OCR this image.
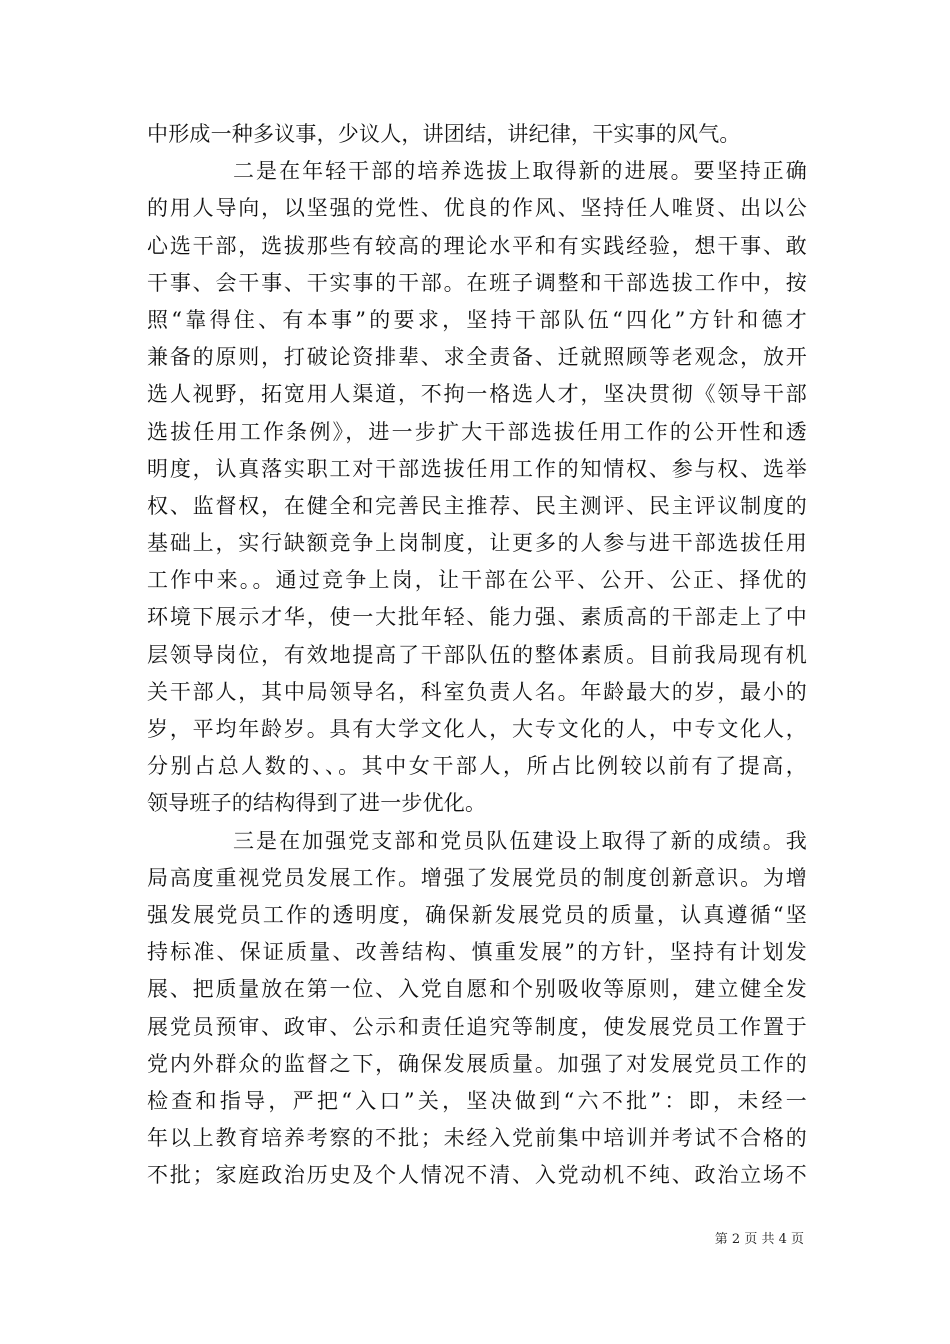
中形成一种多议事，少议人，讲团结，讲纪律，干实事的风气。
二是在年轻干部的培养选拔上取得新的进展。要坚持正确
的用人导向，以坚强的党性、优良的作风、坚持任人唯贤、出以公
心选干部，选拔那些有较高的理论水平和有实践经验，想干事、敢
干事、会干事、干实事的干部。在班子调整和干部选拔工作中，按
照“靠得住、有本事”的要求，坚持干部队伍“四化”方针和德才
兼备的原则，打破论资排辈、求全责备、迁就照顾等老观念，放开
选人视野，拓宽用人渠道，不拘一格选人才，坚决贯彻《领导干部
选拔任用工作条例》，进一步扩大干部选拔任用工作的公开性和透
明度，认真落实职工对干部选拔任用工作的知情权、参与权、选举
权、监督权，在健全和完善民主推荐、民主测评、民主评议制度的
基础上，实行缺额竞争上岗制度，让更多的人参与进干部选拔任用
工作中来。。通过竞争上岗，让干部在公平、公开、公正、择优的
环境下展示才华，使一大批年轻、能力强、素质高的干部走上了中
层领导岗位，有效地提高了干部队伍的整体素质。目前我局现有机
关干部人，其中局领导名，科室负责人名。年龄最大的岁，最小的
岁，平均年龄岁。具有大学文化人，大专文化的人，中专文化人，
分别占总人数的、、。其中女干部人，所占比例较以前有了提高，
领导班子的结构得到了进一步优化。
三是在加强党支部和党员队伍建设上取得了新的成绩。我
局高度重视党员发展工作。增强了发展党员的制度创新意识。为增
强发展党员工作的透明度，确保新发展党员的质量，认真遵循“坚
持标准、保证质量、改善结构、慎重发展”的方针，坚持有计划发
展、把质量放在第一位、入党自愿和个别吸收等原则，建立健全发
展党员预审、政审、公示和责任追究等制度，使发展党员工作置于
党内外群众的监督之下，确保发展质量。加强了对发展党员工作的
检查和指导，严把“入口”关，坚决做到“六不批”：即，未经一
年以上教育培养考察的不批；未经入党前集中培训并考试不合格的
不批；家庭政治历史及个人情况不清、入党动机不纯、政治立场不
第 2 页 共 4 页
